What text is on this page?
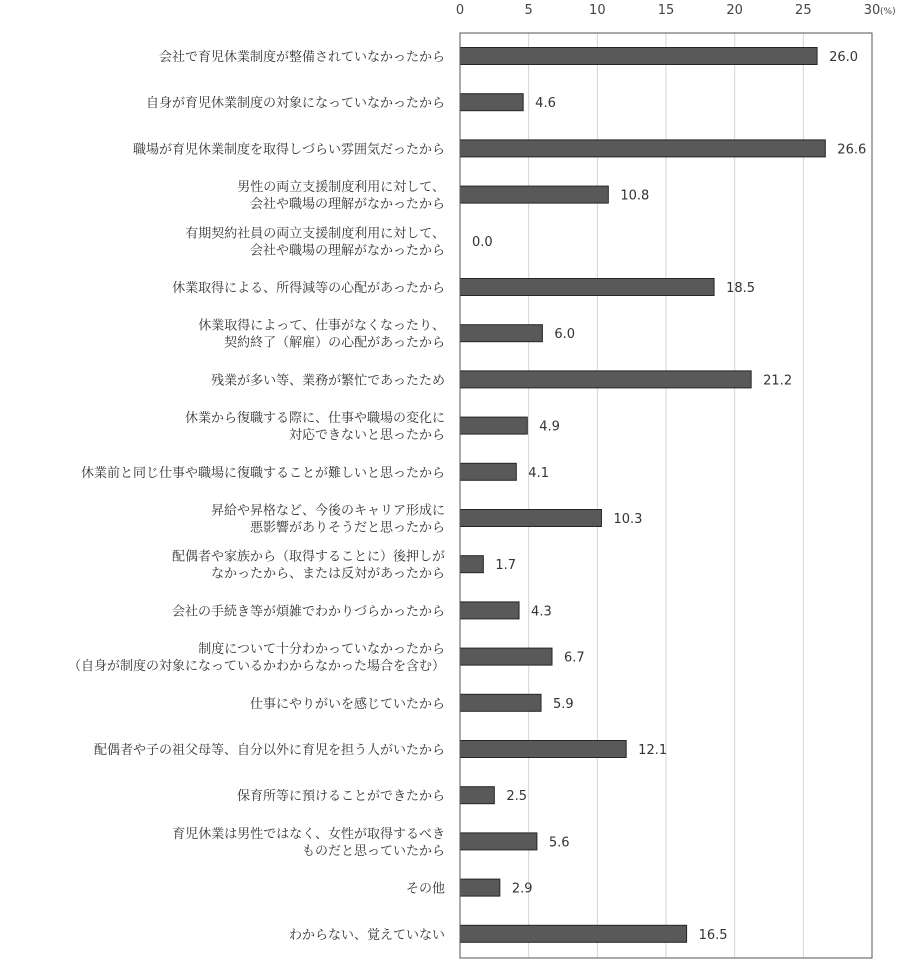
0	5	10	15	20	25	30
会社で育児休業制度が整備されていなかったから
自身が育児休業制度の対象になっていなかったから
職場が育児休業制度を取得しづらい雰囲気だったから
男性の両立支援制度利用に対して、
会社や職場の理解がなかったから
有期契約社員の両立支援制度利用に対して、
会社や職場の理解がなかったから
休業取得による、所得減等の心配があったから
休業取得によって、仕事がなくなったり、
契約終了（解雇）の心配があったから
残業が多い等、業務が繁忙であったため
休業から復職する際に、仕事や職場の変化に
対応できないと思ったから
休業前と同じ仕事や職場に復職することが難しいと思ったから
昇給や昇格など、今後のキャリア形成に
悪影響がありそうだと思ったから
配偶者や家族から（取得することに）後押しが
なかったから、または反対があったから
会社の手続き等が煩雑でわかりづらかったから
制度について十分わかっていなかったから
（自身が制度の対象になっているかわからなかった場合を含む）
仕事にやりがいを感じていたから
配偶者や子の祖父母等、自分以外に育児を担う人がいたから
保育所等に預けることができたから
育児休業は男性ではなく、女性が取得するべき
ものだと思っていたから
その他
わからない、覚えていない
26.0
4.6
26.6
10.8
0.0
18.5
6.0
21.2
4.9
4.1
10.3
1.7
4.3
6.7
5.9
12.1
2.5
5.6
2.9
16.5
(%)
